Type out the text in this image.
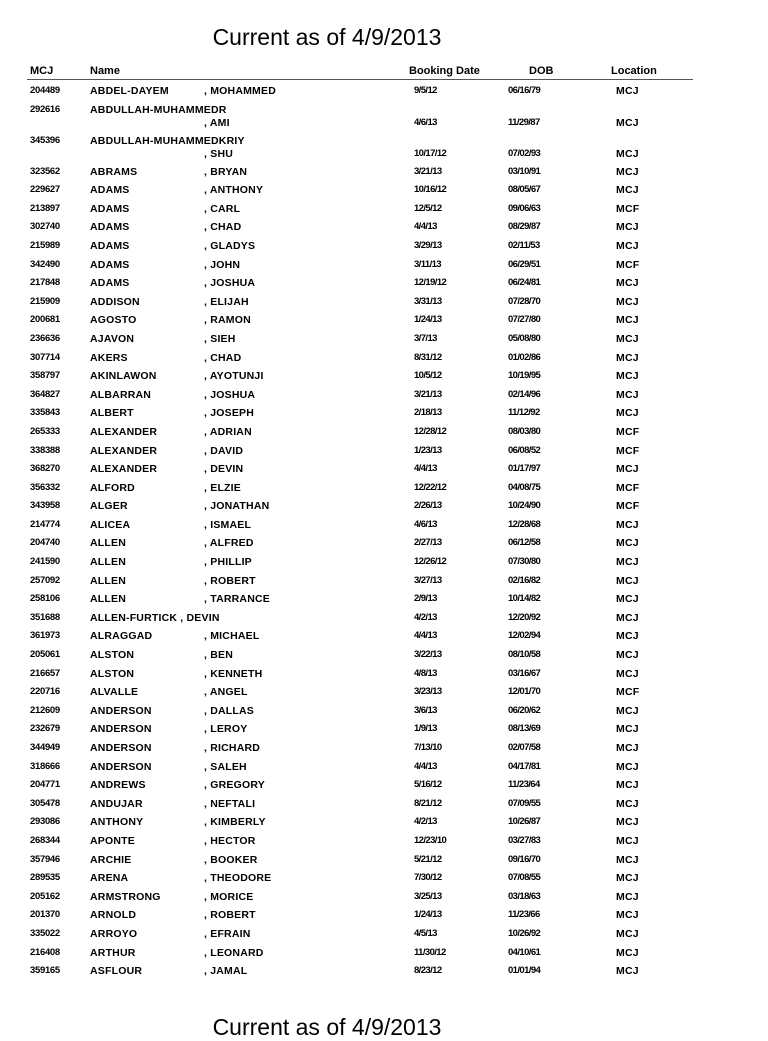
Current as of 4/9/2013
MCJ	Name	Booking Date	DOB	Location
204489	ABDEL-DAYEM	, MOHAMMED	9/5/12	06/16/79	MCJ
292616	ABDULLAH-MUHAMMEDR
, AMI	4/6/13	11/29/87	MCJ
345396	ABDULLAH-MUHAMMEDKRIY
, SHU	10/17/12	07/02/93	MCJ
323562	ABRAMS	, BRYAN	3/21/13	03/10/91	MCJ
229627	ADAMS	, ANTHONY	10/16/12	08/05/67	MCJ
213897	ADAMS	, CARL	12/5/12	09/06/63	MCF
302740	ADAMS	, CHAD	4/4/13	08/29/87	MCJ
215989	ADAMS	, GLADYS	3/29/13	02/11/53	MCJ
342490	ADAMS	, JOHN	3/11/13	06/29/51	MCF
217848	ADAMS	, JOSHUA	12/19/12	06/24/81	MCJ
215909	ADDISON	, ELIJAH	3/31/13	07/28/70	MCJ
200681	AGOSTO	, RAMON	1/24/13	07/27/80	MCJ
236636	AJAVON	, SIEH	3/7/13	05/08/80	MCJ
307714	AKERS	, CHAD	8/31/12	01/02/86	MCJ
358797	AKINLAWON	, AYOTUNJI	10/5/12	10/19/95	MCJ
364827	ALBARRAN	, JOSHUA	3/21/13	02/14/96	MCJ
335843	ALBERT	, JOSEPH	2/18/13	11/12/92	MCJ
265333	ALEXANDER	, ADRIAN	12/28/12	08/03/80	MCF
338388	ALEXANDER	, DAVID	1/23/13	06/08/52	MCF
368270	ALEXANDER	, DEVIN	4/4/13	01/17/97	MCJ
356332	ALFORD	, ELZIE	12/22/12	04/08/75	MCF
343958	ALGER	, JONATHAN	2/26/13	10/24/90	MCF
214774	ALICEA	, ISMAEL	4/6/13	12/28/68	MCJ
204740	ALLEN	, ALFRED	2/27/13	06/12/58	MCJ
241590	ALLEN	, PHILLIP	12/26/12	07/30/80	MCJ
257092	ALLEN	, ROBERT	3/27/13	02/16/82	MCJ
258106	ALLEN	, TARRANCE	2/9/13	10/14/82	MCJ
351688	ALLEN-FURTICK , DEVIN	4/2/13	12/20/92	MCJ
361973	ALRAGGAD	, MICHAEL	4/4/13	12/02/94	MCJ
205061	ALSTON	, BEN	3/22/13	08/10/58	MCJ
216657	ALSTON	, KENNETH	4/8/13	03/16/67	MCJ
220716	ALVALLE	, ANGEL	3/23/13	12/01/70	MCF
212609	ANDERSON	, DALLAS	3/6/13	06/20/62	MCJ
232679	ANDERSON	, LEROY	1/9/13	08/13/69	MCJ
344949	ANDERSON	, RICHARD	7/13/10	02/07/58	MCJ
318666	ANDERSON	, SALEH	4/4/13	04/17/81	MCJ
204771	ANDREWS	, GREGORY	5/16/12	11/23/64	MCJ
305478	ANDUJAR	, NEFTALI	8/21/12	07/09/55	MCJ
293086	ANTHONY	, KIMBERLY	4/2/13	10/26/87	MCJ
268344	APONTE	, HECTOR	12/23/10	03/27/83	MCJ
357946	ARCHIE	, BOOKER	5/21/12	09/16/70	MCJ
289535	ARENA	, THEODORE	7/30/12	07/08/55	MCJ
205162	ARMSTRONG	, MORICE	3/25/13	03/18/63	MCJ
201370	ARNOLD	, ROBERT	1/24/13	11/23/66	MCJ
335022	ARROYO	, EFRAIN	4/5/13	10/26/92	MCJ
216408	ARTHUR	, LEONARD	11/30/12	04/10/61	MCJ
359165	ASFLOUR	, JAMAL	8/23/12	01/01/94	MCJ
Current as of 4/9/2013
